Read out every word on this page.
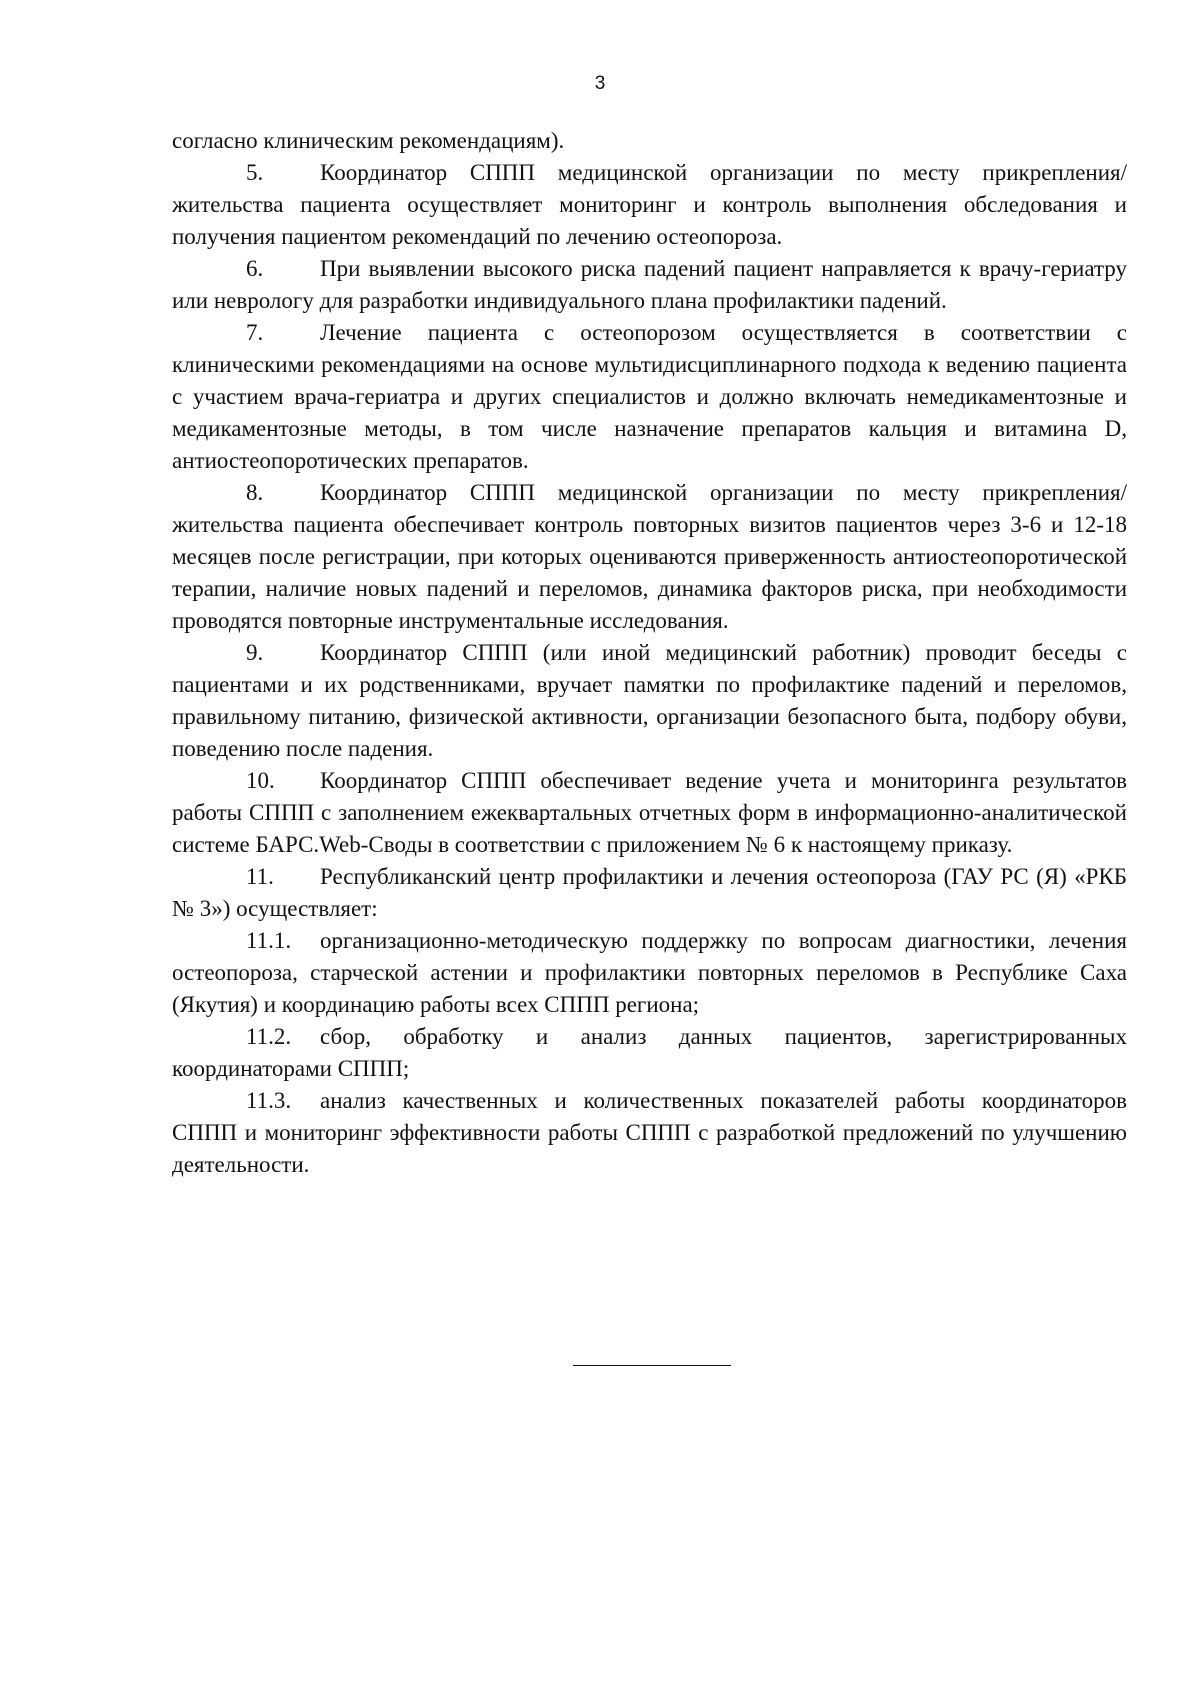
3

согласно клиническим рекомендациям).

5. Координатор СППП медицинской организации по месту прикрепления/жительства пациента осуществляет мониторинг и контроль выполнения обследования и получения пациентом рекомендаций по лечению остеопороза.

6. При выявлении высокого риска падений пациент направляется к врачу-гериатру или неврологу для разработки индивидуального плана профилактики падений.

7. Лечение пациента с остеопорозом осуществляется в соответствии с клиническими рекомендациями на основе мультидисциплинарного подхода к ведению пациента с участием врача-гериатра и других специалистов и должно включать немедикаментозные и медикаментозные методы, в том числе назначение препаратов кальция и витамина D, антиостеопоротических препаратов.

8. Координатор СППП медицинской организации по месту прикрепления/жительства пациента обеспечивает контроль повторных визитов пациентов через 3-6 и 12-18 месяцев после регистрации, при которых оцениваются приверженность антиостеопоротической терапии, наличие новых падений и переломов, динамика факторов риска, при необходимости проводятся повторные инструментальные исследования.

9. Координатор СППП (или иной медицинский работник) проводит беседы с пациентами и их родственниками, вручает памятки по профилактике падений и переломов, правильному питанию, физической активности, организации безопасного быта, подбору обуви, поведению после падения.

10. Координатор СППП обеспечивает ведение учета и мониторинга результатов работы СППП с заполнением ежеквартальных отчетных форм в информационно-аналитической системе БАРС.Web-Своды в соответствии с приложением № 6 к настоящему приказу.

11. Республиканский центр профилактики и лечения остеопороза (ГАУ РС (Я) «РКБ № 3») осуществляет:

11.1. организационно-методическую поддержку по вопросам диагностики, лечения остеопороза, старческой астении и профилактики повторных переломов в Республике Саха (Якутия) и координацию работы всех СППП региона;

11.2. сбор, обработку и анализ данных пациентов, зарегистрированных координаторами СППП;

11.3. анализ качественных и количественных показателей работы координаторов СППП и мониторинг эффективности работы СППП с разработкой предложений по улучшению деятельности.
